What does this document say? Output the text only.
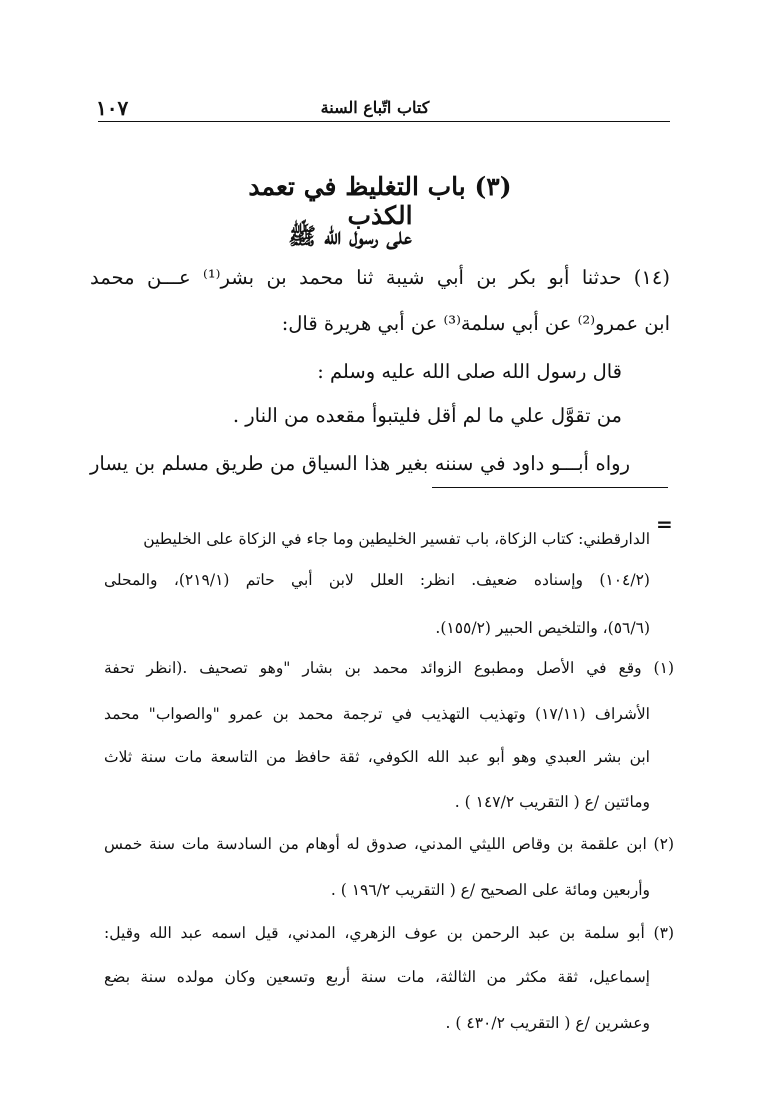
كتاب اتّباع السنة
١٠٧
(٣) باب التغليظ في تعمد الكذب
على رسول الله ﷺ
(١٤) حدثنا أبو بكر بن أبي شيبة ثنا محمد بن بشر⁽¹⁾ عـــن محمد
ابن عمرو⁽²⁾ عن أبي سلمة⁽³⁾ عن أبي هريرة قال:
قال رسول الله صلى الله عليه وسلم :
من تقوَّل علي ما لم أقل فليتبوأ مقعده من النار .
رواه أبـــو داود في سننه بغير هذا السياق من طريق مسلم بن يسار
=
الدارقطني: كتاب الزكاة، باب تفسير الخليطين وما جاء في الزكاة على الخليطين
(١٠٤/٢) وإسناده ضعيف. انظر: العلل لابن أبي حاتم (٢١٩/١)، والمحلى
(٥٦/٦)، والتلخيص الحبير (١٥٥/٢).
(١) وقع في الأصل ومطبوع الزوائد محمد بن بشار "وهو تصحيف .(انظر تحفة
الأشراف (١٧/١١) وتهذيب التهذيب في ترجمة محمد بن عمرو "والصواب" محمد
ابن بشر العبدي وهو أبو عبد الله الكوفي، ثقة حافظ من التاسعة مات سنة ثلاث
ومائتين /ع ( التقريب ١٤٧/٢ ) .
(٢) ابن علقمة بن وقاص الليثي المدني، صدوق له أوهام من السادسة مات سنة خمس
وأربعين ومائة على الصحيح /ع ( التقريب ١٩٦/٢ ) .
(٣) أبو سلمة بن عبد الرحمن بن عوف الزهري، المدني، قيل اسمه عبد الله وقيل:
إسماعيل، ثقة مكثر من الثالثة، مات سنة أربع وتسعين وكان مولده سنة بضع
وعشرين /ع ( التقريب ٤٣٠/٢ ) .
